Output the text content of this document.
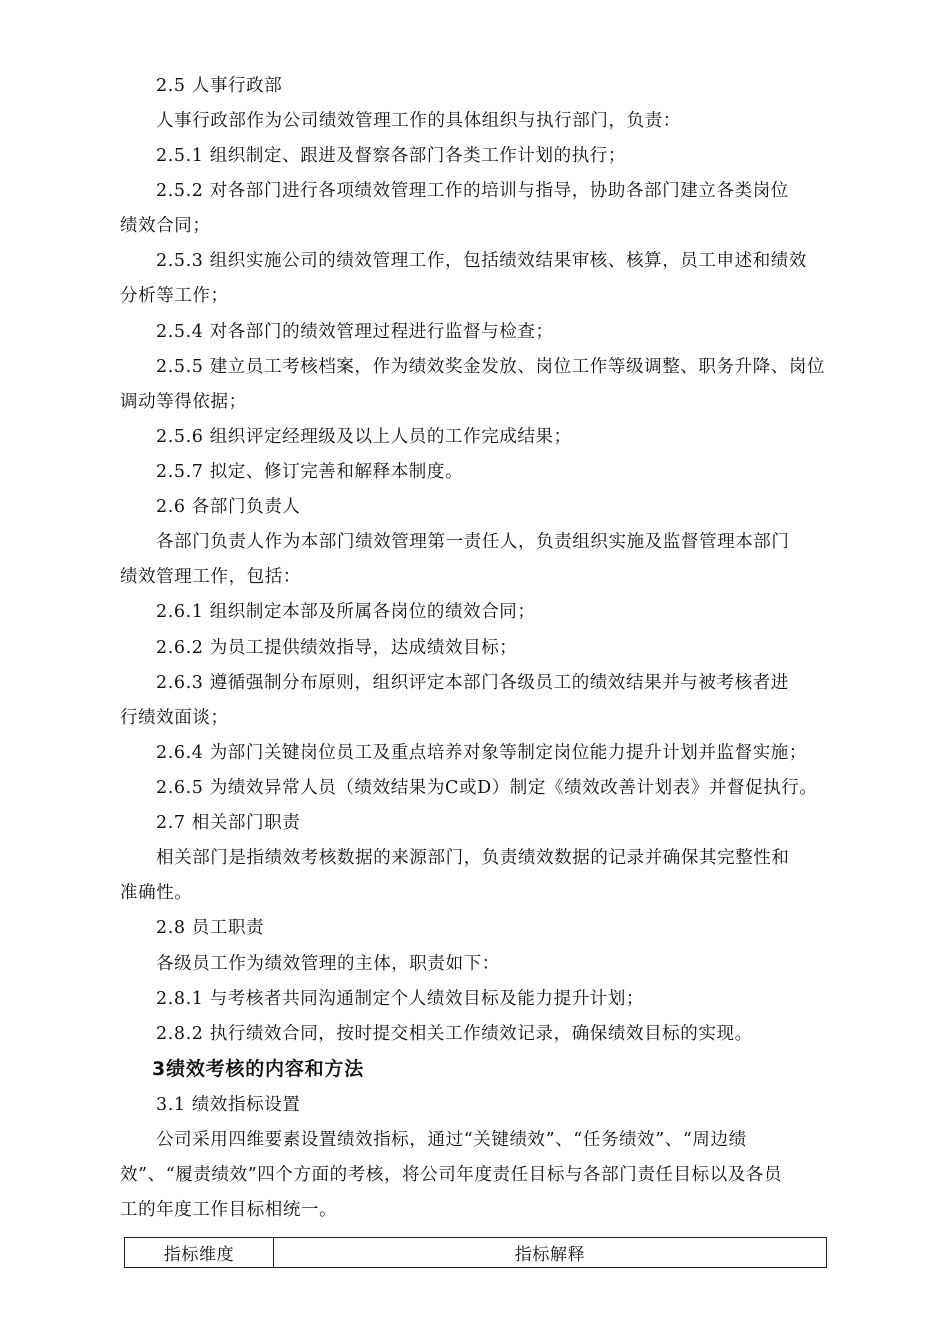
2.5 人事行政部
人事行政部作为公司绩效管理工作的具体组织与执行部门，负责：
2.5.1 组织制定、跟进及督察各部门各类工作计划的执行；
2.5.2 对各部门进行各项绩效管理工作的培训与指导，协助各部门建立各类岗位
绩效合同；
2.5.3 组织实施公司的绩效管理工作，包括绩效结果审核、核算，员工申述和绩效
分析等工作；
2.5.4 对各部门的绩效管理过程进行监督与检查；
2.5.5 建立员工考核档案，作为绩效奖金发放、岗位工作等级调整、职务升降、岗位
调动等得依据；
2.5.6 组织评定经理级及以上人员的工作完成结果；
2.5.7 拟定、修订完善和解释本制度。
2.6 各部门负责人
各部门负责人作为本部门绩效管理第一责任人，负责组织实施及监督管理本部门
绩效管理工作，包括：
2.6.1 组织制定本部及所属各岗位的绩效合同；
2.6.2 为员工提供绩效指导，达成绩效目标；
2.6.3 遵循强制分布原则，组织评定本部门各级员工的绩效结果并与被考核者进
行绩效面谈；
2.6.4 为部门关键岗位员工及重点培养对象等制定岗位能力提升计划并监督实施；
2.6.5 为绩效异常人员（绩效结果为C或D）制定《绩效改善计划表》并督促执行。
2.7 相关部门职责
相关部门是指绩效考核数据的来源部门，负责绩效数据的记录并确保其完整性和
准确性。
2.8 员工职责
各级员工作为绩效管理的主体，职责如下：
2.8.1 与考核者共同沟通制定个人绩效目标及能力提升计划；
2.8.2 执行绩效合同，按时提交相关工作绩效记录，确保绩效目标的实现。
3绩效考核的内容和方法
3.1 绩效指标设置
公司采用四维要素设置绩效指标，通过“关键绩效”、“任务绩效”、“周边绩
效”、“履责绩效”四个方面的考核，将公司年度责任目标与各部门责任目标以及各员
工的年度工作目标相统一。
指标维度	指标解释
